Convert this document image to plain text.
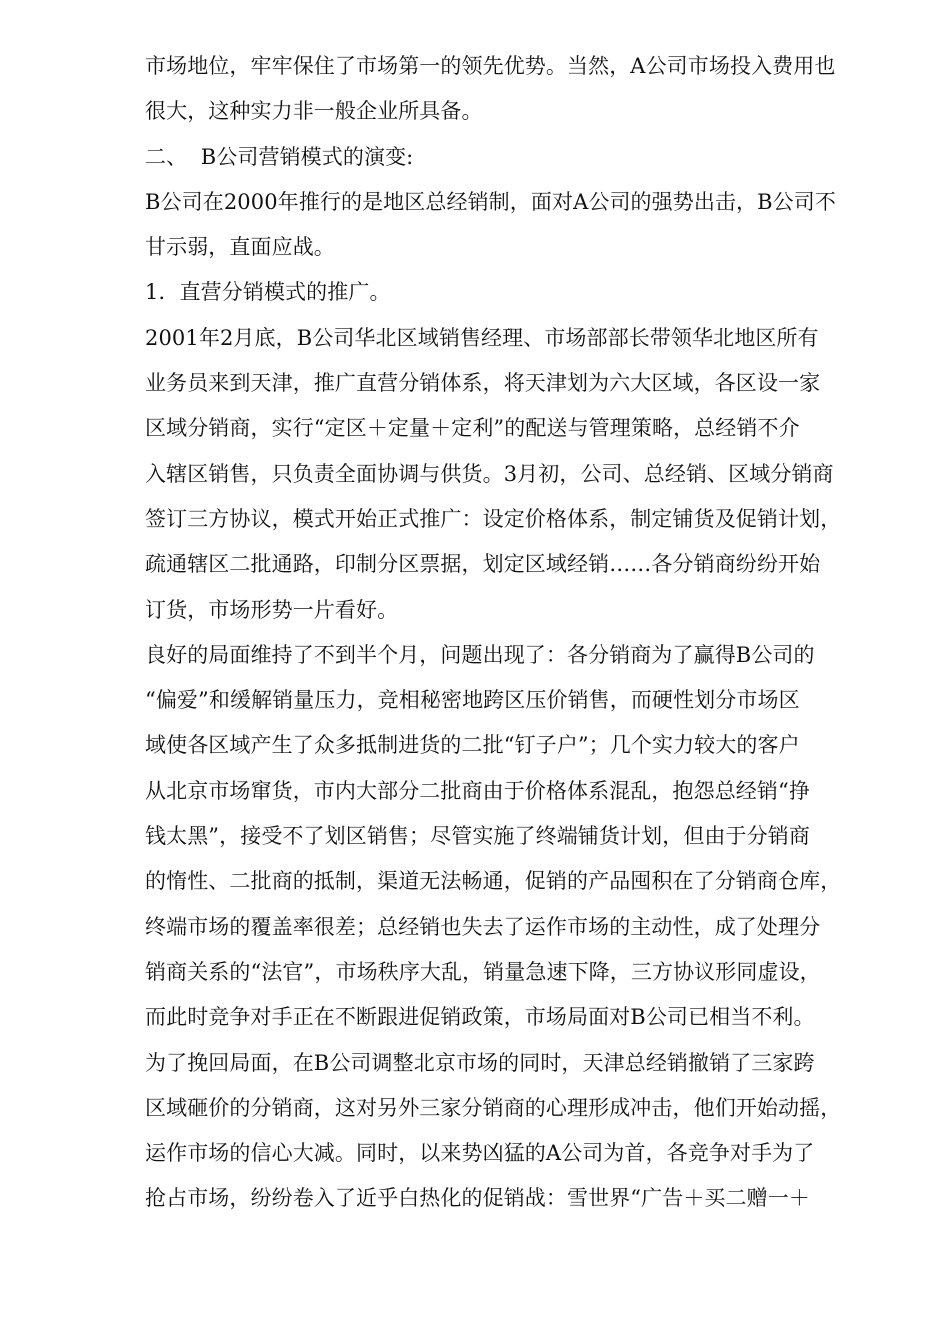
市场地位，牢牢保住了市场第一的领先优势。当然，A公司市场投入费用也
很大，这种实力非一般企业所具备。
二、  B公司营销模式的演变:
B公司在2000年推行的是地区总经销制，面对A公司的强势出击，B公司不
甘示弱，直面应战。
1．直营分销模式的推广。
2001年2月底，B公司华北区域销售经理、市场部部长带领华北地区所有
业务员来到天津，推广直营分销体系，将天津划为六大区域，各区设一家
区域分销商，实行“定区＋定量＋定利”的配送与管理策略，总经销不介
入辖区销售，只负责全面协调与供货。3月初，公司、总经销、区域分销商
签订三方协议，模式开始正式推广：设定价格体系，制定铺货及促销计划，
疏通辖区二批通路，印制分区票据，划定区域经销……各分销商纷纷开始
订货，市场形势一片看好。
良好的局面维持了不到半个月，问题出现了：各分销商为了赢得B公司的
“偏爱”和缓解销量压力，竞相秘密地跨区压价销售，而硬性划分市场区
域使各区域产生了众多抵制进货的二批“钉子户”；几个实力较大的客户
从北京市场窜货，市内大部分二批商由于价格体系混乱，抱怨总经销“挣
钱太黑”，接受不了划区销售；尽管实施了终端铺货计划，但由于分销商
的惰性、二批商的抵制，渠道无法畅通，促销的产品囤积在了分销商仓库，
终端市场的覆盖率很差；总经销也失去了运作市场的主动性，成了处理分
销商关系的“法官”，市场秩序大乱，销量急速下降，三方协议形同虚设，
而此时竞争对手正在不断跟进促销政策，市场局面对B公司已相当不利。
为了挽回局面，在B公司调整北京市场的同时，天津总经销撤销了三家跨
区域砸价的分销商，这对另外三家分销商的心理形成冲击，他们开始动摇，
运作市场的信心大减。同时，以来势凶猛的A公司为首，各竞争对手为了
抢占市场，纷纷卷入了近乎白热化的促销战：雪世界“广告＋买二赠一＋
